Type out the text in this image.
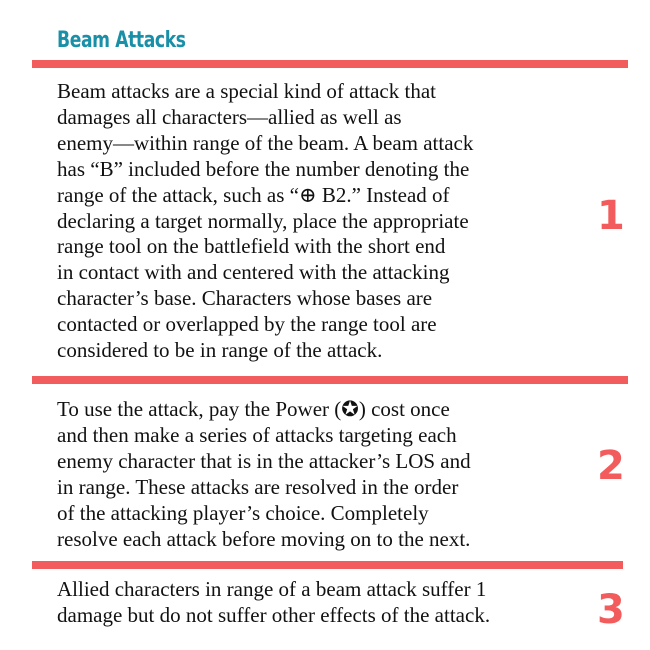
Beam Attacks
Beam attacks are a special kind of attack that
damages all characters—allied as well as
enemy—within range of the beam. A beam attack
has “B” included before the number denoting the
range of the attack, such as “⊕ B2.” Instead of
declaring a target normally, place the appropriate
range tool on the battlefield with the short end
in contact with and centered with the attacking
character’s base. Characters whose bases are
contacted or overlapped by the range tool are
considered to be in range of the attack.
1
To use the attack, pay the Power (✪) cost once
and then make a series of attacks targeting each
enemy character that is in the attacker’s LOS and
in range. These attacks are resolved in the order
of the attacking player’s choice. Completely
resolve each attack before moving on to the next.
2
Allied characters in range of a beam attack suffer 1
damage but do not suffer other effects of the attack.	3
